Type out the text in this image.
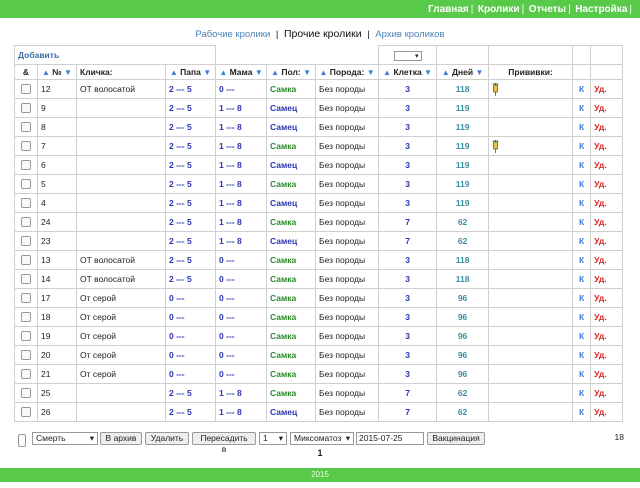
Главная | Кролики | Отчеты | Настройка |
Рабочие кролики | Прочие кролики | Архив кроликов
Добавить							▾				
&	▲ № ▼	Кличка:	▲ Папа ▼	▲ Мама ▼	▲ Пол: ▼	▲ Порода: ▼	▲ Клетка ▼	▲ Дней ▼	Прививки:		
	12	ОТ волосатой	2 --- 5	0 ---	Самка	Без породы	3	118		К	Уд.
	9		2 --- 5	1 --- 8	Самец	Без породы	3	119		К	Уд.
	8		2 --- 5	1 --- 8	Самец	Без породы	3	119		К	Уд.
	7		2 --- 5	1 --- 8	Самка	Без породы	3	119		К	Уд.
	6		2 --- 5	1 --- 8	Самец	Без породы	3	119		К	Уд.
	5		2 --- 5	1 --- 8	Самка	Без породы	3	119		К	Уд.
	4		2 --- 5	1 --- 8	Самец	Без породы	3	119		К	Уд.
	24		2 --- 5	1 --- 8	Самка	Без породы	7	62		К	Уд.
	23		2 --- 5	1 --- 8	Самец	Без породы	7	62		К	Уд.
	13	ОТ волосатой	2 --- 5	0 ---	Самка	Без породы	3	118		К	Уд.
	14	ОТ волосатой	2 --- 5	0 ---	Самка	Без породы	3	118		К	Уд.
	17	От серой	0 ---	0 ---	Самка	Без породы	3	96		К	Уд.
	18	От серой	0 ---	0 ---	Самка	Без породы	3	96		К	Уд.
	19	От серой	0 ---	0 ---	Самка	Без породы	3	96		К	Уд.
	20	От серой	0 ---	0 ---	Самка	Без породы	3	96		К	Уд.
	21	От серой	0 ---	0 ---	Самка	Без породы	3	96		К	Уд.
	25		2 --- 5	1 --- 8	Самка	Без породы	7	62		К	Уд.
	26		2 --- 5	1 --- 8	Самец	Без породы	7	62		К	Уд.
Смерть	▾	В архив	Удалить	Пересадить в
1 ▾	Миксоматоз ▾	2015-07-25	Вакцинация	18
1
2015
